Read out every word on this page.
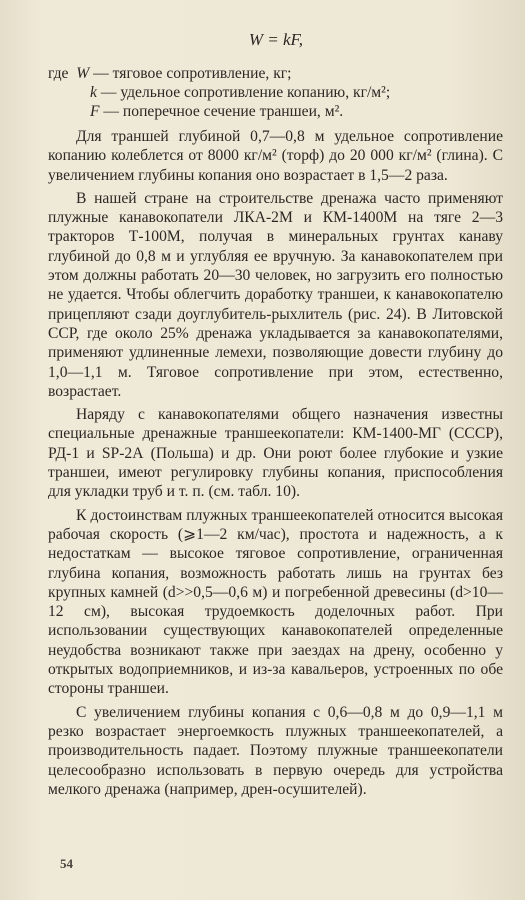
W = kF,
где W — тяговое сопротивление, кг;
k — удельное сопротивление копанию, кг/м²;
F — поперечное сечение траншеи, м².

Для траншей глубиной 0,7—0,8 м удельное сопротивление копанию колеблется от 8000 кг/м² (торф) до 20 000 кг/м² (глина). С увеличением глубины копания оно возрастает в 1,5—2 раза.

В нашей стране на строительстве дренажа часто применяют плужные канавокопатели ЛКА-2М и КМ-1400М на тяге 2—3 тракторов Т-100М, получая в минеральных грунтах канаву глубиной до 0,8 м и углубляя ее вручную. За канавокопателем при этом должны работать 20—30 человек, но загрузить его полностью не удается. Чтобы облегчить доработку траншеи, к канавокопателю прицепляют сзади доуглубитель-рыхлитель (рис. 24). В Литовской ССР, где около 25% дренажа укладывается за канавокопателями, применяют удлиненные лемехи, позволяющие довести глубину до 1,0—1,1 м. Тяговое сопротивление при этом, естественно, возрастает.

Наряду с канавокопателями общего назначения известны специальные дренажные траншеекопатели: КМ-1400-МГ (СССР), РД-1 и SP-2А (Польша) и др. Они роют более глубокие и узкие траншеи, имеют регулировку глубины копания, приспособления для укладки труб и т. п. (см. табл. 10).

К достоинствам плужных траншеекопателей относится высокая рабочая скорость (⩾1—2 км/час), простота и надежность, а к недостаткам — высокое тяговое сопротивление, ограниченная глубина копания, возможность работать лишь на грунтах без крупных камней (d>>0,5—0,6 м) и погребенной древесины (d>10—12 см), высокая трудоемкость доделочных работ. При использовании существующих канавокопателей определенные неудобства возникают также при заездах на дрену, особенно у открытых водоприемников, и из-за кавальеров, устроенных по обе стороны траншеи.

С увеличением глубины копания с 0,6—0,8 м до 0,9—1,1 м резко возрастает энергоемкость плужных траншеекопателей, а производительность падает. Поэтому плужные траншеекопатели целесообразно использовать в первую очередь для устройства мелкого дренажа (например, дрен-осушителей).

54
